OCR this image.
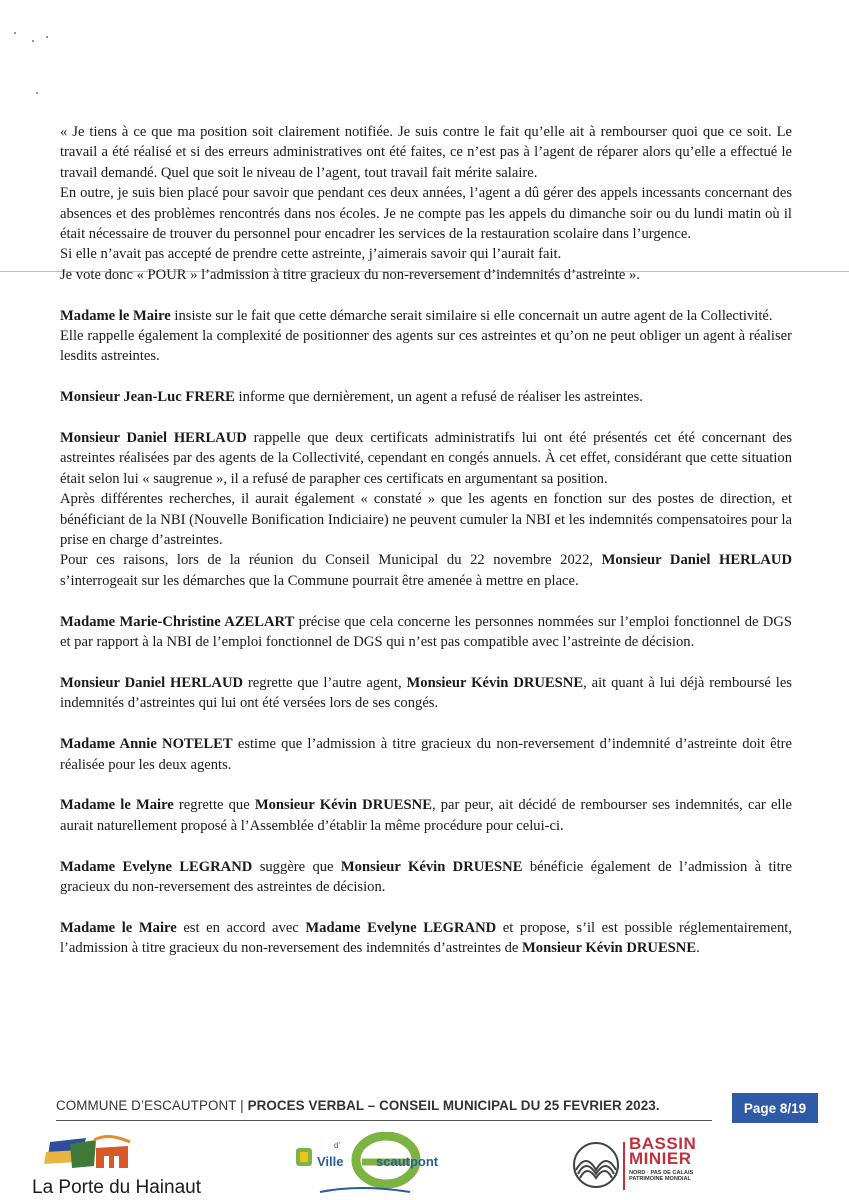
« Je tiens à ce que ma position soit clairement notifiée. Je suis contre le fait qu’elle ait à rembourser quoi que ce soit. Le travail a été réalisé et si des erreurs administratives ont été faites, ce n’est pas à l’agent de réparer alors qu’elle a effectué le travail demandé. Quel que soit le niveau de l’agent, tout travail fait mérite salaire.

En outre, je suis bien placé pour savoir que pendant ces deux années, l’agent a dû gérer des appels incessants concernant des absences et des problèmes rencontrés dans nos écoles. Je ne compte pas les appels du dimanche soir ou du lundi matin où il était nécessaire de trouver du personnel pour encadrer les services de la restauration scolaire dans l’urgence.

Si elle n’avait pas accepté de prendre cette astreinte, j’aimerais savoir qui l’aurait fait.

Je vote donc « POUR » l’admission à titre gracieux du non-reversement d’indemnités d’astreinte ».

Madame le Maire insiste sur le fait que cette démarche serait similaire si elle concernait un autre agent de la Collectivité.

Elle rappelle également la complexité de positionner des agents sur ces astreintes et qu’on ne peut obliger un agent à réaliser lesdits astreintes.

Monsieur Jean-Luc FRERE informe que dernièrement, un agent a refusé de réaliser les astreintes.

Monsieur Daniel HERLAUD rappelle que deux certificats administratifs lui ont été présentés cet été concernant des astreintes réalisées par des agents de la Collectivité, cependant en congés annuels. À cet effet, considérant que cette situation était selon lui « saugrenue », il a refusé de parapher ces certificats en argumentant sa position.

Après différentes recherches, il aurait également « constaté » que les agents en fonction sur des postes de direction, et bénéficiant de la NBI (Nouvelle Bonification Indiciaire) ne peuvent cumuler la NBI et les indemnités compensatoires pour la prise en charge d’astreintes.

Pour ces raisons, lors de la réunion du Conseil Municipal du 22 novembre 2022, Monsieur Daniel HERLAUD s’interrogeait sur les démarches que la Commune pourrait être amenée à mettre en place.

Madame Marie-Christine AZELART précise que cela concerne les personnes nommées sur l’emploi fonctionnel de DGS et par rapport à la NBI de l’emploi fonctionnel de DGS qui n’est pas compatible avec l’astreinte de décision.

Monsieur Daniel HERLAUD regrette que l’autre agent, Monsieur Kévin DRUESNE, ait quant à lui déjà remboursé les indemnités d’astreintes qui lui ont été versées lors de ses congés.

Madame Annie NOTELET estime que l’admission à titre gracieux du non-reversement d’indemnité d’astreinte doit être réalisée pour les deux agents.

Madame le Maire regrette que Monsieur Kévin DRUESNE, par peur, ait décidé de rembourser ses indemnités, car elle aurait naturellement proposé à l’Assemblée d’établir la même procédure pour celui-ci.

Madame Evelyne LEGRAND suggère que Monsieur Kévin DRUESNE bénéficie également de l’admission à titre gracieux du non-reversement des astreintes de décision.

Madame le Maire est en accord avec Madame Evelyne LEGRAND et propose, s’il est possible réglementairement, l’admission à titre gracieux du non-reversement des indemnités d’astreintes de Monsieur Kévin DRUESNE.

COMMUNE D’ESCAUTPONT | PROCES VERBAL – CONSEIL MUNICIPAL DU 25 FEVRIER 2023.	Page 8/19
La Porte du Hainaut
d’
Ville scautpont
BASSIN
MINIER
NORD · PAS DE CALAIS
PATRIMOINE MONDIAL
